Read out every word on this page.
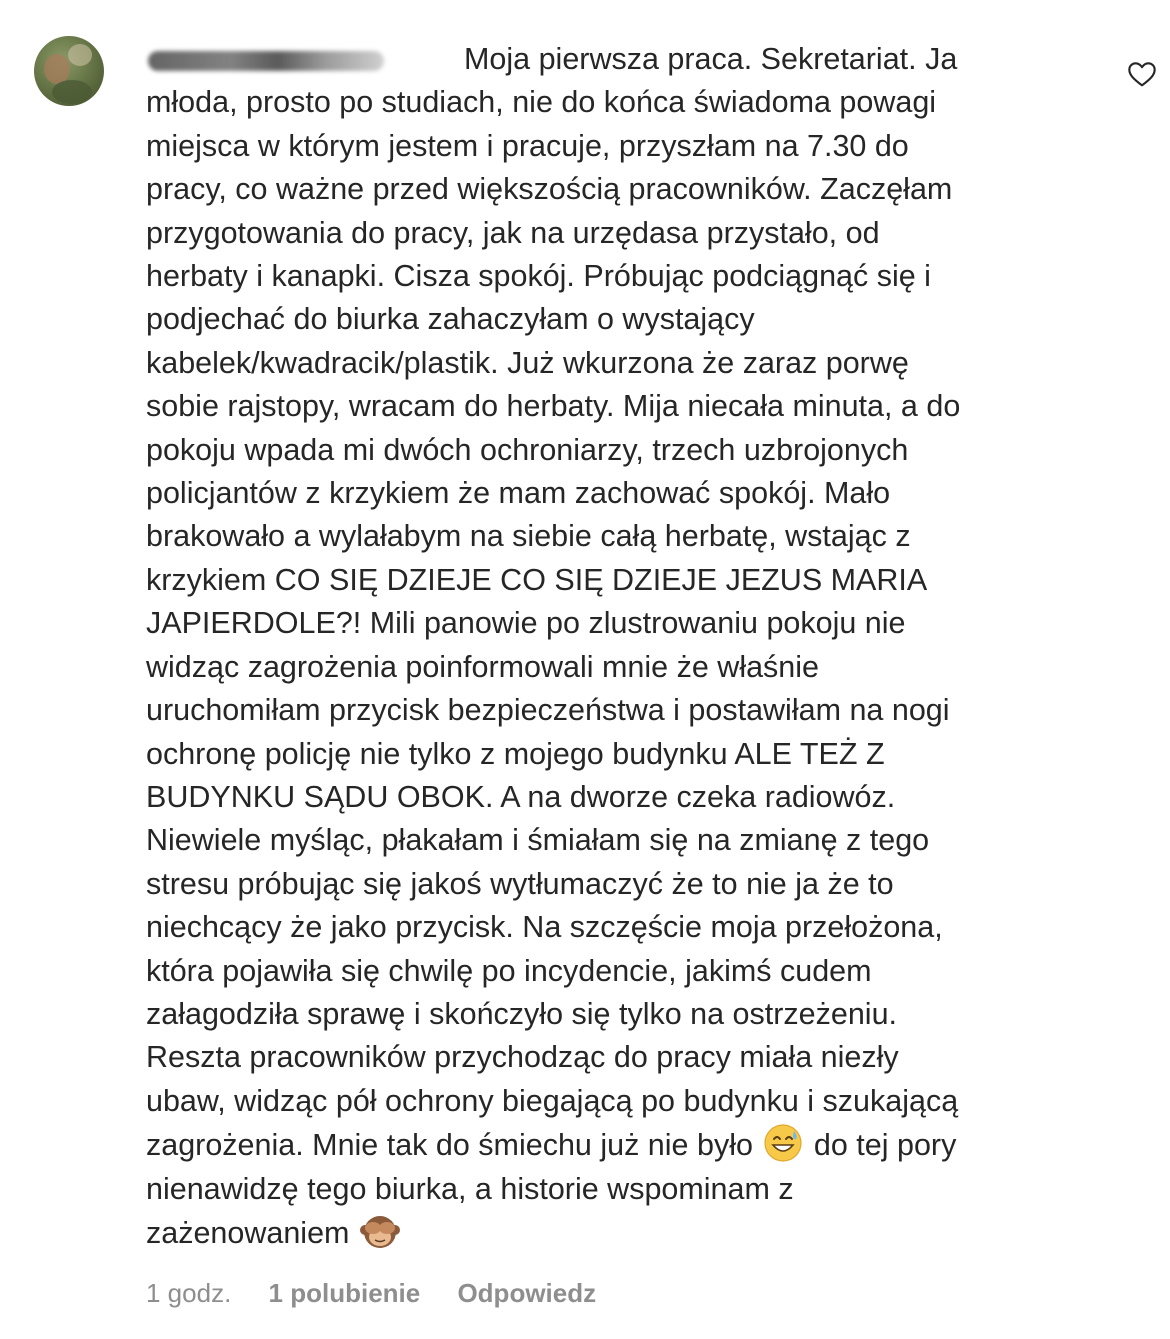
Moja pierwsza praca. Sekretariat. Ja
młoda, prosto po studiach, nie do końca świadoma powagi
miejsca w którym jestem i pracuje, przyszłam na 7.30 do
pracy, co ważne przed większością pracowników. Zaczęłam
przygotowania do pracy, jak na urzędasa przystało, od
herbaty i kanapki. Cisza spokój. Próbując podciągnąć się i
podjechać do biurka zahaczyłam o wystający
kabelek/kwadracik/plastik. Już wkurzona że zaraz porwę
sobie rajstopy, wracam do herbaty. Mija niecała minuta, a do
pokoju wpada mi dwóch ochroniarzy, trzech uzbrojonych
policjantów z krzykiem że mam zachować spokój. Mało
brakowało a wylałabym na siebie całą herbatę, wstając z
krzykiem CO SIĘ DZIEJE CO SIĘ DZIEJE JEZUS MARIA
JAPIERDOLE?! Mili panowie po zlustrowaniu pokoju nie
widząc zagrożenia poinformowali mnie że właśnie
uruchomiłam przycisk bezpieczeństwa i postawiłam na nogi
ochronę policję nie tylko z mojego budynku ALE TEŻ Z
BUDYNKU SĄDU OBOK. A na dworze czeka radiowóz.
Niewiele myśląc, płakałam i śmiałam się na zmianę z tego
stresu próbując się jakoś wytłumaczyć że to nie ja że to
niechcący że jako przycisk. Na szczęście moja przełożona,
która pojawiła się chwilę po incydencie, jakimś cudem
załagodziła sprawę i skończyło się tylko na ostrzeżeniu.
Reszta pracowników przychodząc do pracy miała niezły
ubaw, widząc pół ochrony biegającą po budynku i szukającą
zagrożenia. Mnie tak do śmiechu już nie było  do tej pory
nienawidzę tego biurka, a historie wspominam z
zażenowaniem
1 godz. 1 polubienie Odpowiedz
